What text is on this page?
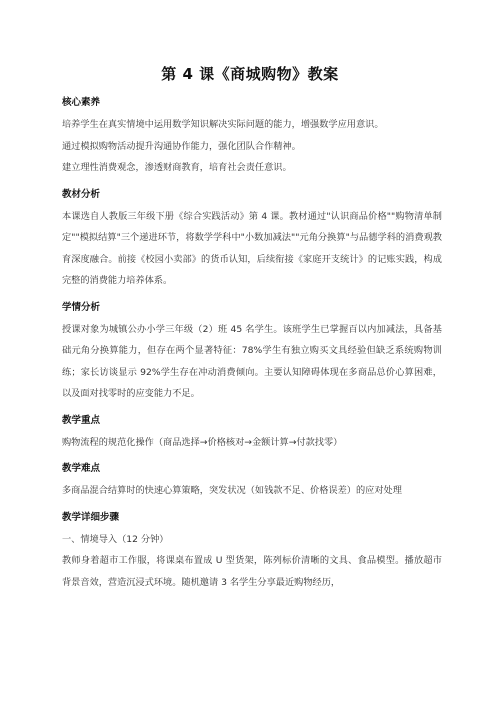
第 4 课《商城购物》教案
核心素养

培养学生在真实情境中运用数学知识解决实际问题的能力，增强数学应用意识。

通过模拟购物活动提升沟通协作能力，强化团队合作精神。

建立理性消费观念，渗透财商教育，培育社会责任意识。

教材分析

本课选自人教版三年级下册《综合实践活动》第 4 课。教材通过"认识商品价格""购物清单制定""模拟结算"三个递进环节，将数学学科中"小数加减法""元角分换算"与品德学科的消费观教育深度融合。前接《校园小卖部》的货币认知，后续衔接《家庭开支统计》的记账实践，构成完整的消费能力培养体系。

学情分析

授课对象为城镇公办小学三年级（2）班 45 名学生。该班学生已掌握百以内加减法，具备基础元角分换算能力，但存在两个显著特征：78%学生有独立购买文具经验但缺乏系统购物训练；家长访谈显示 92%学生存在冲动消费倾向。主要认知障碍体现在多商品总价心算困难，以及面对找零时的应变能力不足。

教学重点

购物流程的规范化操作（商品选择→价格核对→金额计算→付款找零）

教学难点

多商品混合结算时的快速心算策略，突发状况（如钱款不足、价格误差）的应对处理

教学详细步骤

一、情境导入（12 分钟）

教师身着超市工作服，将课桌布置成 U 型货架，陈列标价清晰的文具、食品模型。播放超市背景音效，营造沉浸式环境。随机邀请 3 名学生分享最近购物经历，
